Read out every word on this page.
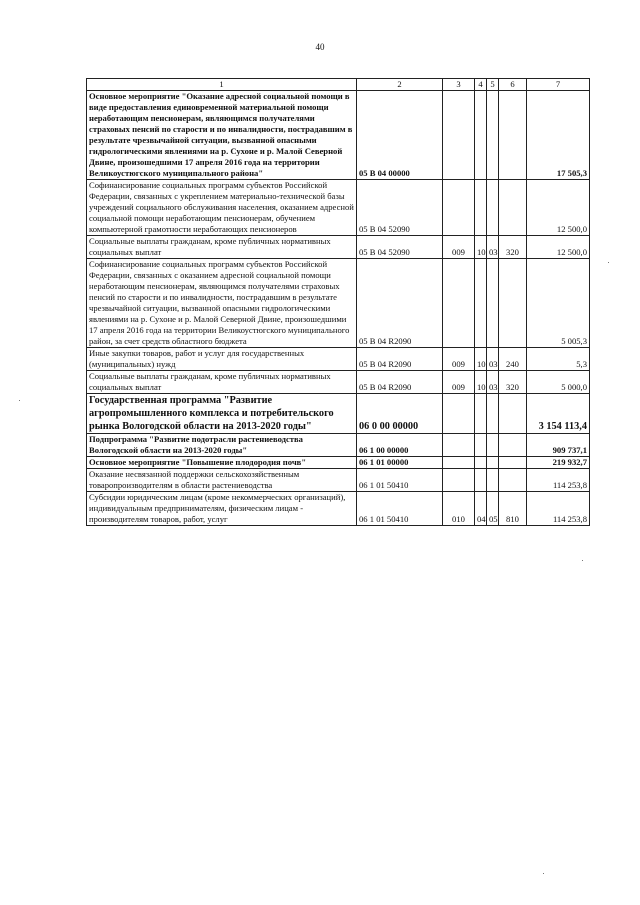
40
1	2	3	4	5	6	7
Основное мероприятие "Оказание адресной социальной помощи в виде предоставления единовременной материальной помощи неработающим пенсионерам, являющимся получателями страховых пенсий по старости и по инвалидности, пострадавшим в результате чрезвычайной ситуации, вызванной опасными гидрологическими явлениями на р. Сухоне и р. Малой Северной Двине, произошедшими 17 апреля 2016 года на территории Великоустюгского муниципального района"	05 В 04 00000					17 505,3
Софинансирование социальных программ субъектов Российской Федерации, связанных с укреплением материально-технической базы учреждений социального обслуживания населения, оказанием адресной социальной помощи неработающим пенсионерам, обучением компьютерной грамотности неработающих пенсионеров	05 В 04 52090					12 500,0
Социальные выплаты гражданам, кроме публичных нормативных социальных выплат	05 В 04 52090	009	10	03	320	12 500,0
Софинансирование социальных программ субъектов Российской Федерации, связанных с оказанием адресной социальной помощи неработающим пенсионерам, являющимся получателями страховых пенсий по старости и по инвалидности, пострадавшим в результате чрезвычайной ситуации, вызванной опасными гидрологическими явлениями на р. Сухоне и р. Малой Северной Двине, произошедшими 17 апреля 2016 года на территории Великоустюгского муниципального район, за счет средств областного бюджета	05 В 04 R2090					5 005,3
Иные закупки товаров, работ и услуг для государственных (муниципальных) нужд	05 В 04 R2090	009	10	03	240	5,3
Социальные выплаты гражданам, кроме публичных нормативных социальных выплат	05 В 04 R2090	009	10	03	320	5 000,0
Государственная программа "Развитие агропромышленного комплекса и потребительского рынка Вологодской области на 2013-2020 годы"	06 0 00 00000					3 154 113,4
Подпрограмма "Развитие подотрасли растениеводства Вологодской области на 2013-2020 годы"	06 1 00 00000					909 737,1
Основное мероприятие "Повышение плодородия почв"	06 1 01 00000					219 932,7
Оказание несвязанной поддержки сельскохозяйственным товаропроизводителям в области растениеводства	06 1 01 50410					114 253,8
Субсидии юридическим лицам (кроме некоммерческих организаций), индивидуальным предпринимателям, физическим лицам - производителям товаров, работ, услуг	06 1 01 50410	010	04	05	810	114 253,8
